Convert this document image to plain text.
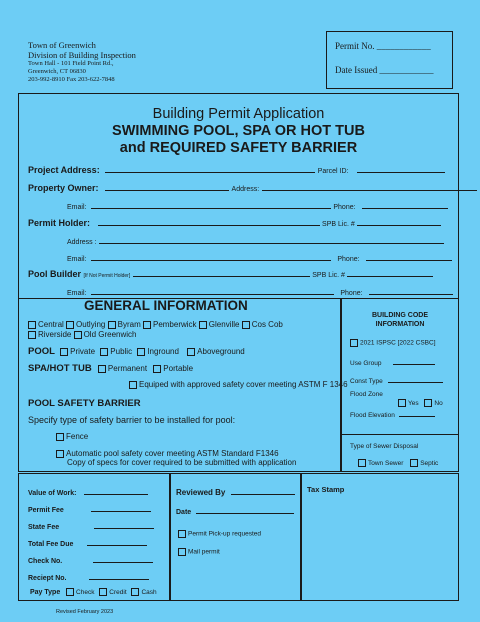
Town of Greenwich
Division of Building Inspection
Town Hall - 101 Field Point Rd.,
Greenwich, CT 06830
203-992-8910 Fax 203-622-7848
Permit No. ____________
Date Issued ____________
Building Permit Application
SWIMMING POOL, SPA OR HOT TUB
and REQUIRED SAFETY BARRIER
Project Address:	Parcel ID:
Property Owner:	Address:
Email:	Phone:
Permit Holder:	SPB Lic. #
Address :
Email:	Phone:
Pool Builder [If Not Permit Holder]	SPB Lic. #
Email:	Phone:
GENERAL INFORMATION
Central Outlying Byram Pemberwick Glenville Cos Cob
Riverside Old Greenwich
POOL Private Public Inground Aboveground
SPA/HOT TUB Permanent Portable
Equiped with approved safety cover meeting ASTM F 1346
POOL SAFETY BARRIER
Specify type of safety barrier to be installed for pool:
Fence
Automatic pool safety cover meeting ASTM Standard F1346
Copy of specs for cover required to be submitted with application
BUILDING CODE
INFORMATION
2021 ISPSC [2022 CSBC]
Use Group
Const Type
Flood Zone
Yes No
Flood Elevation
Type of Sewer Disposal
Town Sewer	Septic
Value of Work:
Permit Fee
State Fee
Total Fee Due
Check No.
Reciept No.
Pay Type Check Credit Cash
Reviewed By
Date
Permit Pick-up requested
Mail permit
Tax Stamp
Revised February 2023
